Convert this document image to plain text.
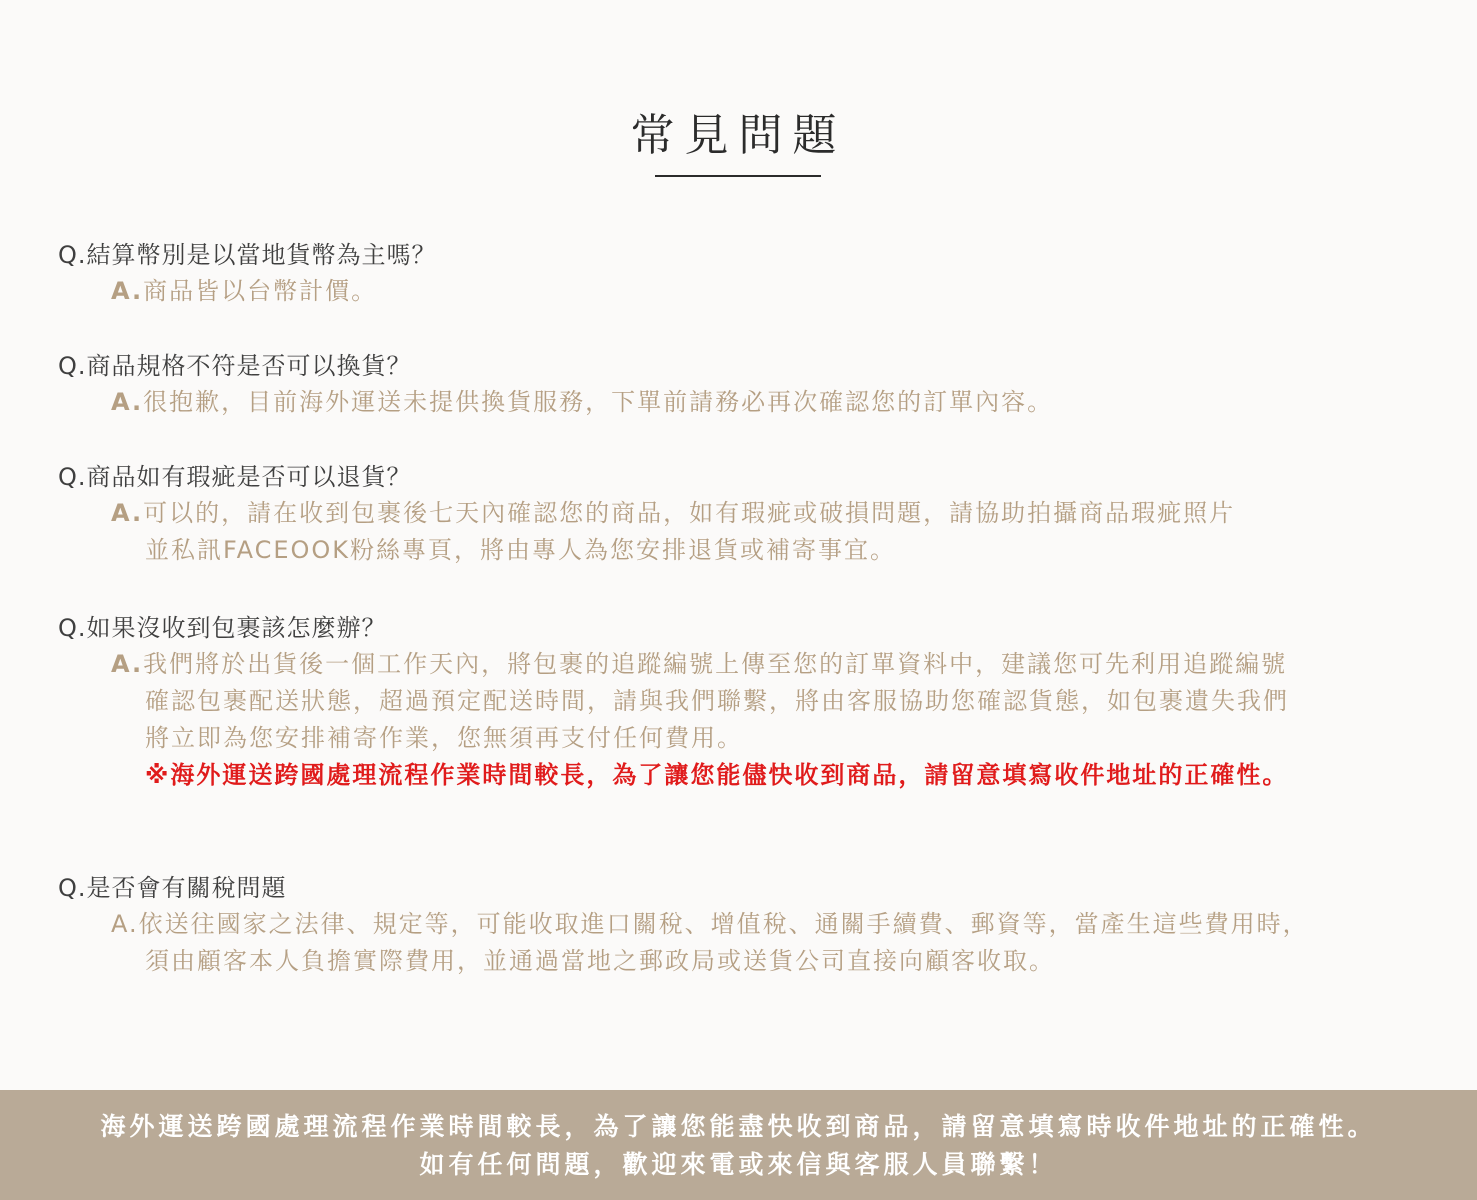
常見問題
Q.結算幣別是以當地貨幣為主嗎？
A.商品皆以台幣計價。
Q.商品規格不符是否可以換貨？
A.很抱歉，目前海外運送未提供換貨服務，下單前請務必再次確認您的訂單內容。
Q.商品如有瑕疵是否可以退貨？
A.可以的，請在收到包裹後七天內確認您的商品，如有瑕疵或破損問題，請協助拍攝商品瑕疵照片
並私訊FACEOOK粉絲專頁，將由專人為您安排退貨或補寄事宜。
Q.如果沒收到包裹該怎麼辦？
A.我們將於出貨後一個工作天內，將包裹的追蹤編號上傳至您的訂單資料中，建議您可先利用追蹤編號
確認包裹配送狀態，超過預定配送時間，請與我們聯繫，將由客服協助您確認貨態，如包裹遺失我們
將立即為您安排補寄作業，您無須再支付任何費用。
※海外運送跨國處理流程作業時間較長，為了讓您能儘快收到商品，請留意填寫收件地址的正確性。
Q.是否會有關稅問題
A.依送往國家之法律、規定等，可能收取進口關稅、增值稅、通關手續費、郵資等，當產生這些費用時，
須由顧客本人負擔實際費用，並通過當地之郵政局或送貨公司直接向顧客收取。
海外運送跨國處理流程作業時間較長，為了讓您能盡快收到商品，請留意填寫時收件地址的正確性。
如有任何問題，歡迎來電或來信與客服人員聯繫！
